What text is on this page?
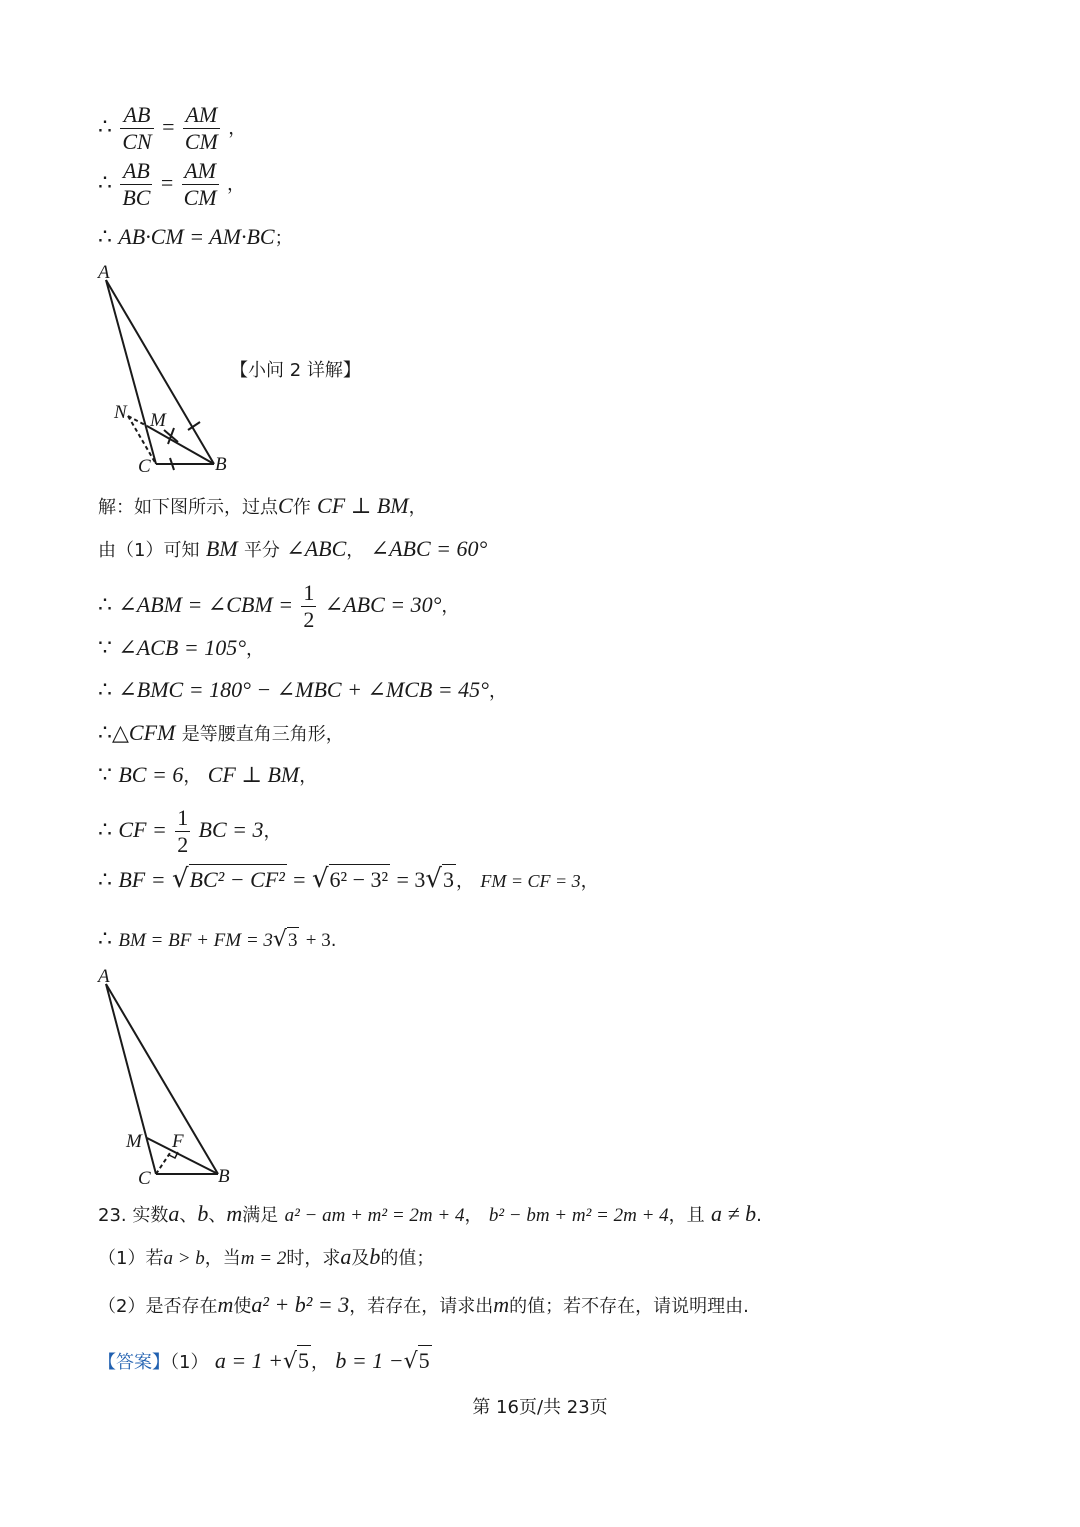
∴ $\frac{AB}{CN} = \frac{AM}{CM}$ ，
∴ $\frac{AB}{BC} = \frac{AM}{CM}$ ，
∴ AB·CM = AM·BC；
A
N M
C	B
【小问 2 详解】
解：如下图所示，过点C作 CF ⊥ BM，
由（1）可知 BM 平分 ∠ABC， ∠ABC = 60°
∴ ∠ABM = ∠CBM = $\frac{1}{2}$ ∠ABC = 30°，
∵ ∠ACB = 105°，
∴ ∠BMC = 180° − ∠MBC + ∠MCB = 45°，
∴△CFM 是等腰直角三角形，
∵ BC = 6， CF ⊥ BM，
∴ CF = $\frac{1}{2}$ BC = 3，
∴ BF = √BC² − CF² = √6² − 3² = 3√3 ， FM = CF = 3，
∴ BM = BF + FM = 3√3 + 3.
M F
A
C	B
23. 实数a、b、m满足 a² − am + m² = 2m + 4， b² − bm + m² = 2m + 4，且 a ≠ b.
（1）若a > b，当m = 2时，求a及b的值；
（2）是否存在m使a² + b² = 3，若存在，请求出m的值；若不存在，请说明理由.
【答案】（1） a = 1 +√5 ， b = 1 −√5
第 16页/共 23页
